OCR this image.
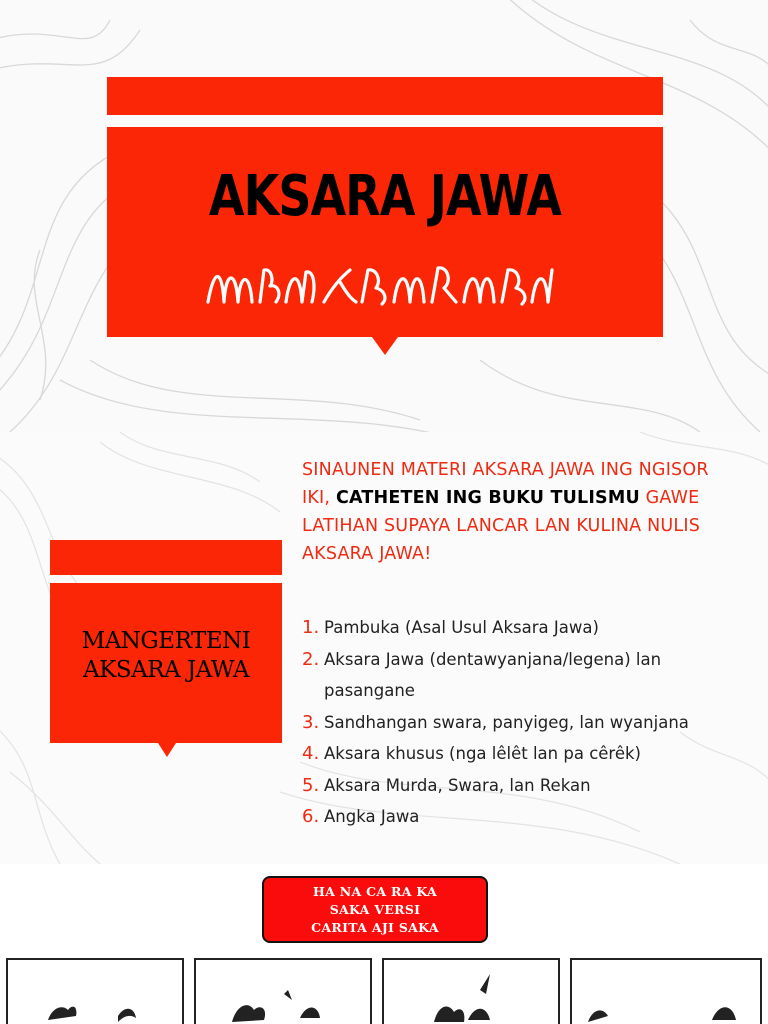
AKSARA JAWA
MANGERTENI
AKSARA JAWA
SINAUNEN MATERI AKSARA JAWA ING NGISOR IKI, CATHETEN ING BUKU TULISMU GAWE LATIHAN SUPAYA LANCAR LAN KULINA NULIS AKSARA JAWA!
1. Pambuka (Asal Usul Aksara Jawa)
2. Aksara Jawa (dentawyanjana/legena) lan pasangane
3. Sandhangan swara, panyigeg, lan wyanjana
4. Aksara khusus (nga lêlêt lan pa cêrêk)
5. Aksara Murda, Swara, lan Rekan
6. Angka Jawa
HA NA CA RA KA
SAKA VERSI
CARITA AJI SAKA
